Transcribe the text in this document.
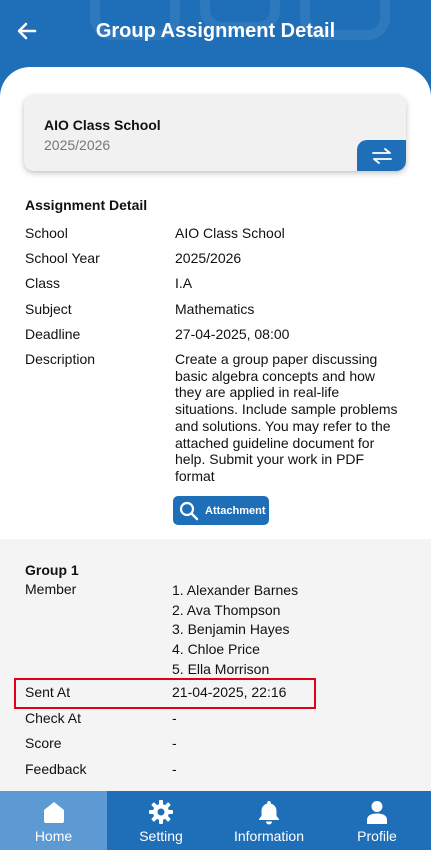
Group Assignment Detail
AIO Class School
2025/2026
Assignment Detail
School	AIO Class School
School Year	2025/2026
Class	I.A
Subject	Mathematics
Deadline	27-04-2025, 08:00
Description	Create a group paper discussing basic algebra concepts and how they are applied in real-life situations. Include sample problems and solutions. You may refer to the attached guideline document for help. Submit your work in PDF format
Attachment
Group 1
Member	1. Alexander Barnes
2. Ava Thompson
3. Benjamin Hayes
4. Chloe Price
5. Ella Morrison
Sent At	21-04-2025, 22:16
Check At	-
Score	-
Feedback	-
Home	Setting	Information	Profile
